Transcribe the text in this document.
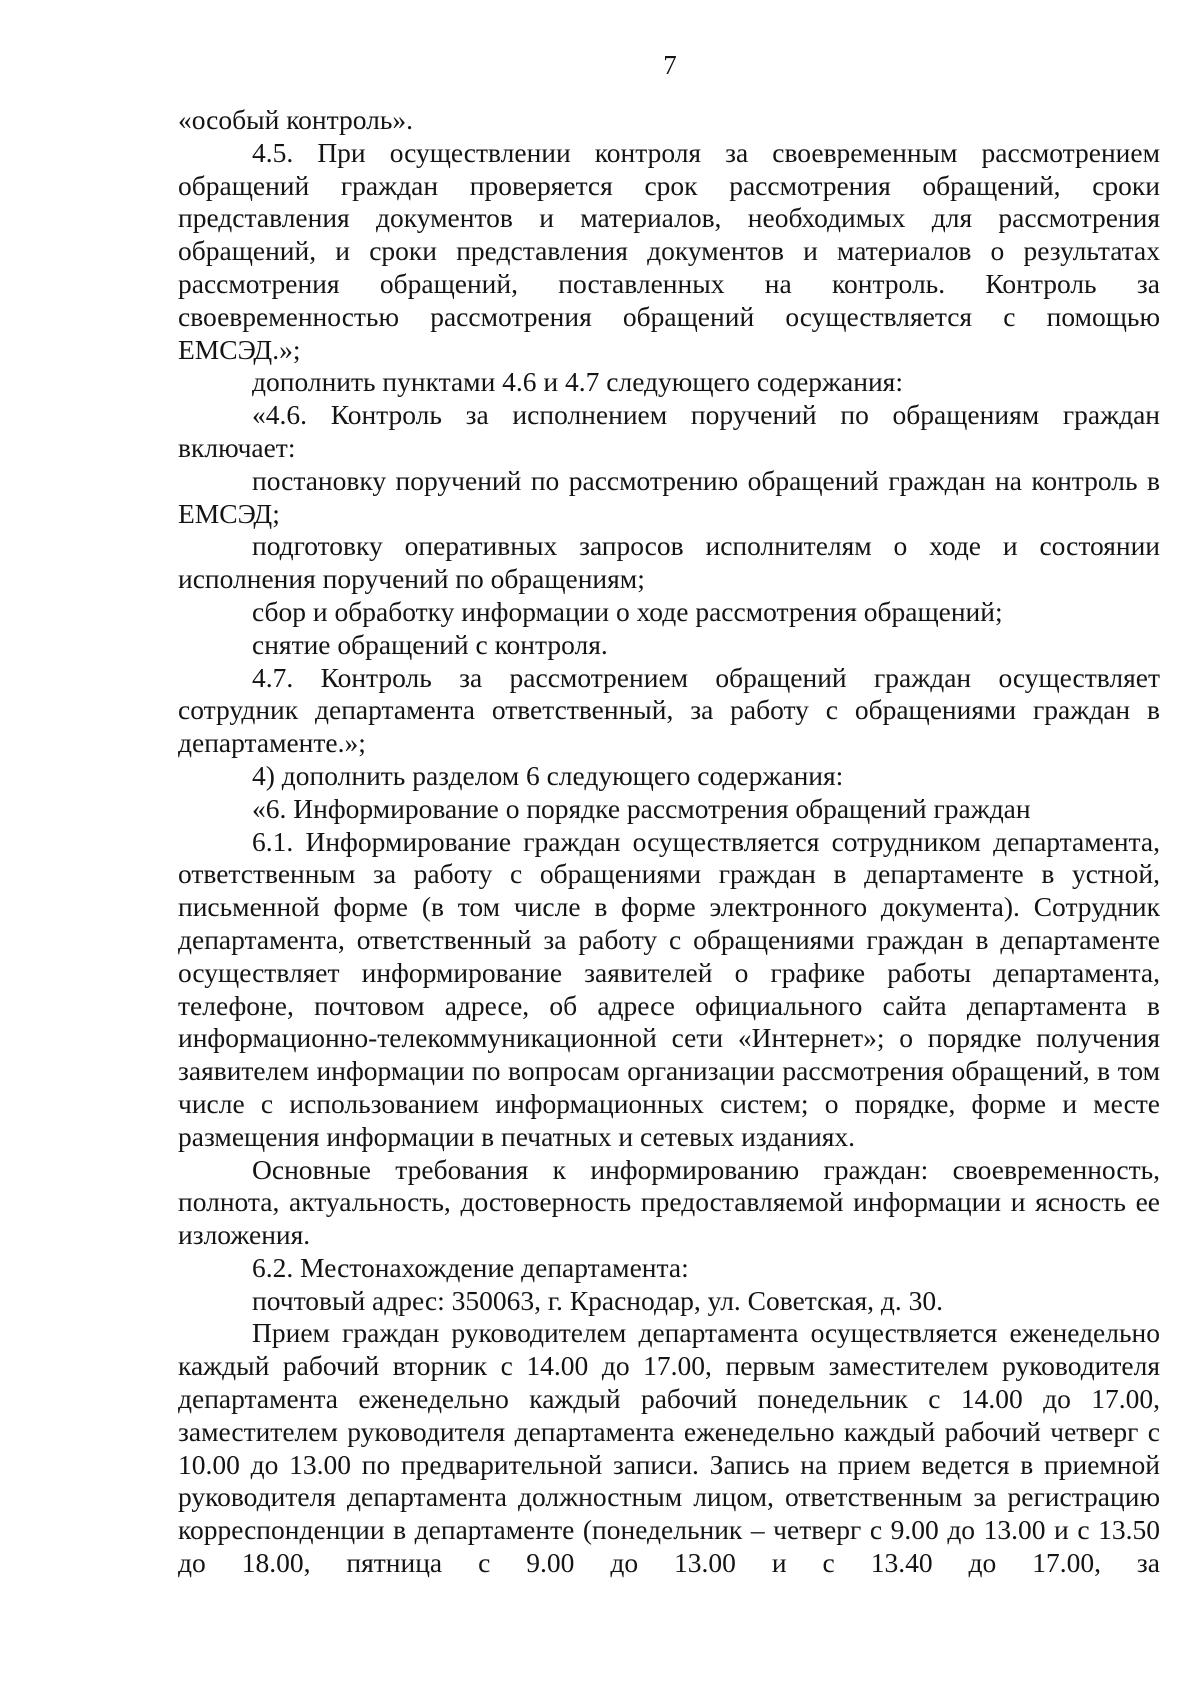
7

«особый контроль».

4.5. При осуществлении контроля за своевременным рассмотрением обращений граждан проверяется срок рассмотрения обращений, сроки представления документов и материалов, необходимых для рассмотрения обращений, и сроки представления документов и материалов о результатах рассмотрения обращений, поставленных на контроль. Контроль за своевременностью рассмотрения обращений осуществляется с помощью ЕМСЭД.»;

дополнить пунктами 4.6 и 4.7 следующего содержания:

«4.6. Контроль за исполнением поручений по обращениям граждан включает:

постановку поручений по рассмотрению обращений граждан на контроль в ЕМСЭД;

подготовку оперативных запросов исполнителям о ходе и состоянии исполнения поручений по обращениям;

сбор и обработку информации о ходе рассмотрения обращений;

снятие обращений с контроля.

4.7. Контроль за рассмотрением обращений граждан осуществляет сотрудник департамента ответственный, за работу с обращениями граждан в департаменте.»;

4) дополнить разделом 6 следующего содержания:

«6. Информирование о порядке рассмотрения обращений граждан

6.1. Информирование граждан осуществляется сотрудником департамента, ответственным за работу с обращениями граждан в департаменте в устной, письменной форме (в том числе в форме электронного документа). Сотрудник департамента, ответственный за работу с обращениями граждан в департаменте осуществляет информирование заявителей о графике работы департамента, телефоне, почтовом адресе, об адресе официального сайта департамента в информационно-телекоммуникационной сети «Интернет»; о порядке получения заявителем информации по вопросам организации рассмотрения обращений, в том числе с использованием информационных систем; о порядке, форме и месте размещения информации в печатных и сетевых изданиях.

Основные требования к информированию граждан: своевременность, полнота, актуальность, достоверность предоставляемой информации и ясность ее изложения.

6.2. Местонахождение департамента:

почтовый адрес: 350063, г. Краснодар, ул. Советская, д. 30.

Прием граждан руководителем департамента осуществляется еженедельно каждый рабочий вторник с 14.00 до 17.00, первым заместителем руководителя департамента еженедельно каждый рабочий понедельник с 14.00 до 17.00, заместителем руководителя департамента еженедельно каждый рабочий четверг с 10.00 до 13.00 по предварительной записи. Запись на прием ведется в приемной руководителя департамента должностным лицом, ответственным за регистрацию корреспонденции в департаменте (понедельник – четверг с 9.00 до 13.00 и с 13.50 до 18.00, пятница с 9.00 до 13.00 и с 13.40 до 17.00, за
